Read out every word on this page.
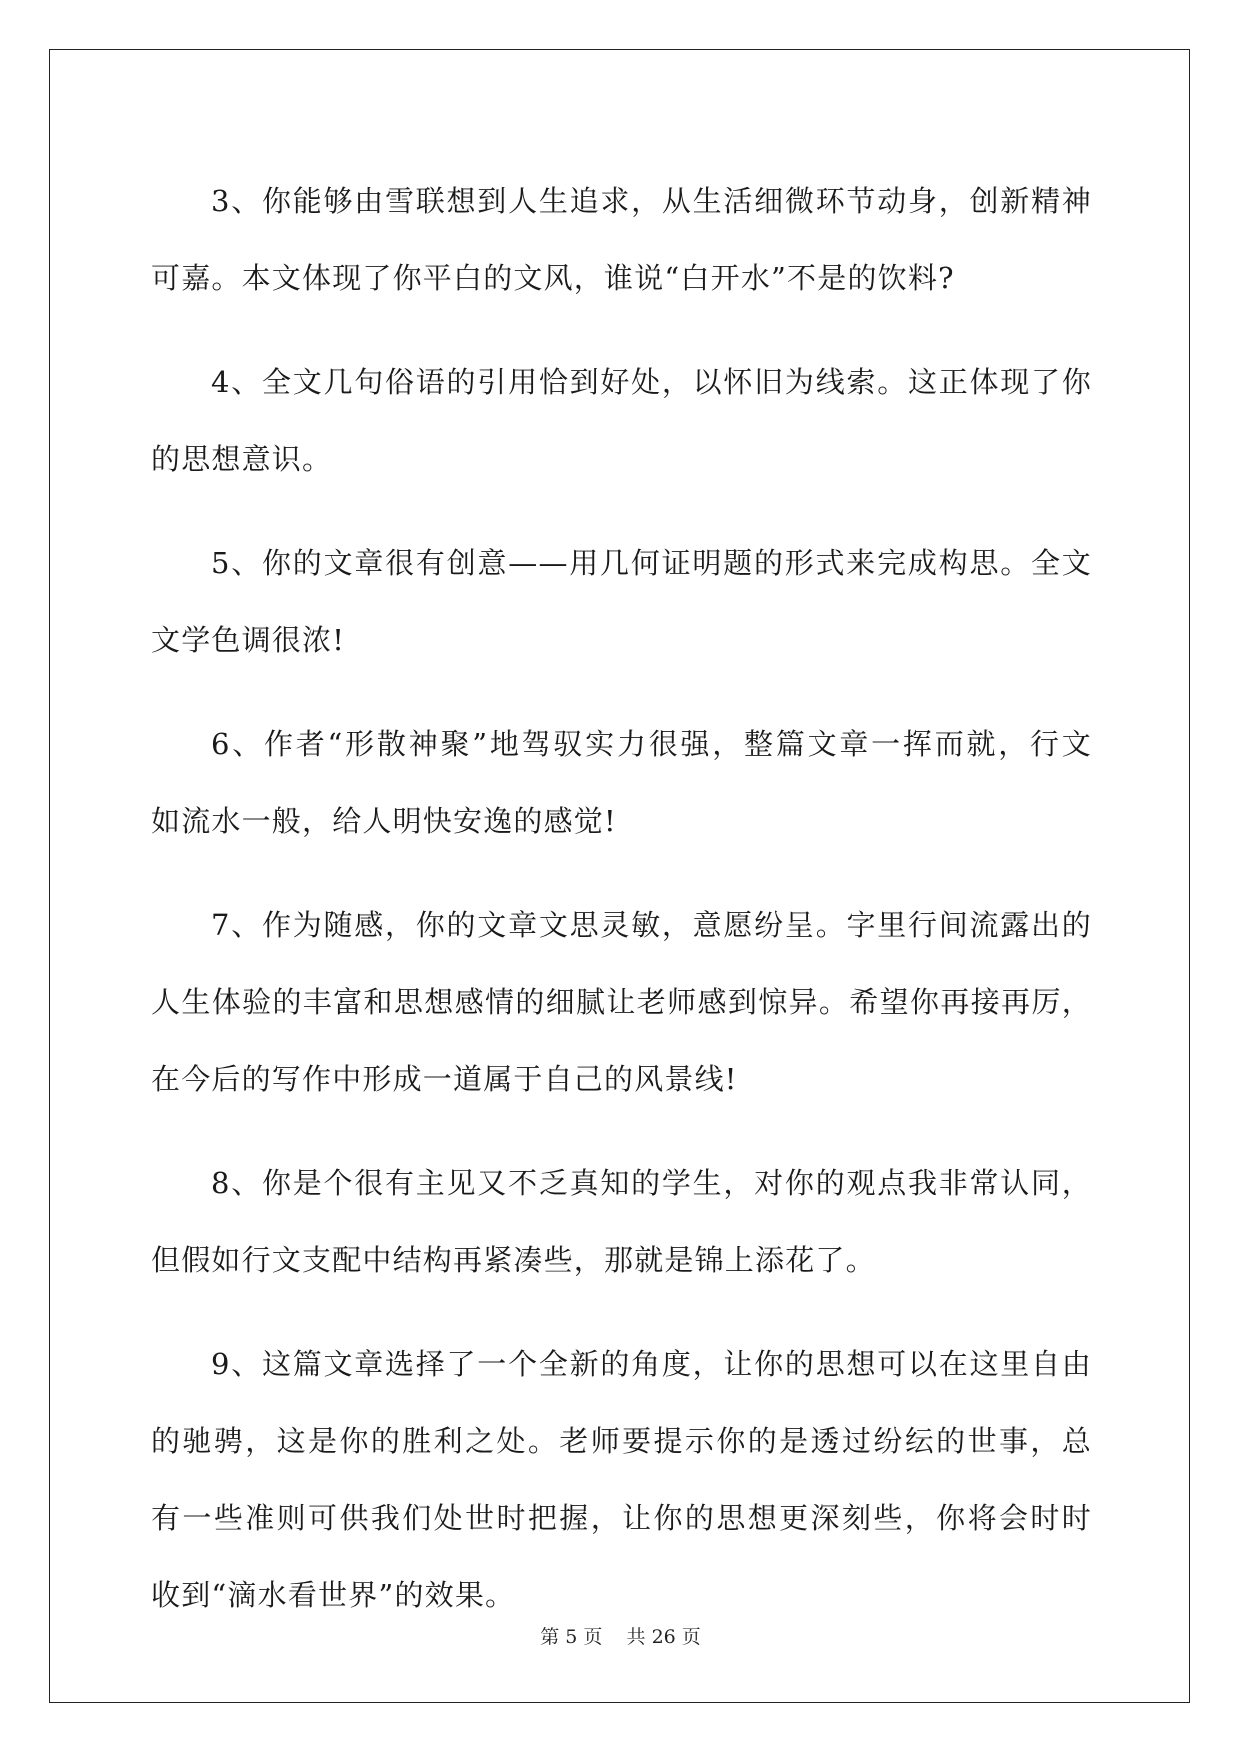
3、你能够由雪联想到人生追求，从生活细微环节动身，创新精神
可嘉。本文体现了你平白的文风，谁说“白开水”不是的饮料?
4、全文几句俗语的引用恰到好处，以怀旧为线索。这正体现了你
的思想意识。
5、你的文章很有创意——用几何证明题的形式来完成构思。全文
文学色调很浓!
6、作者“形散神聚”地驾驭实力很强，整篇文章一挥而就，行文
如流水一般，给人明快安逸的感觉!
7、作为随感，你的文章文思灵敏，意愿纷呈。字里行间流露出的
人生体验的丰富和思想感情的细腻让老师感到惊异。希望你再接再厉，
在今后的写作中形成一道属于自己的风景线!
8、你是个很有主见又不乏真知的学生，对你的观点我非常认同，
但假如行文支配中结构再紧凑些，那就是锦上添花了。
9、这篇文章选择了一个全新的角度，让你的思想可以在这里自由
的驰骋，这是你的胜利之处。老师要提示你的是透过纷纭的世事，总
有一些准则可供我们处世时把握，让你的思想更深刻些，你将会时时
收到“滴水看世界”的效果。
第 5 页 共 26 页
